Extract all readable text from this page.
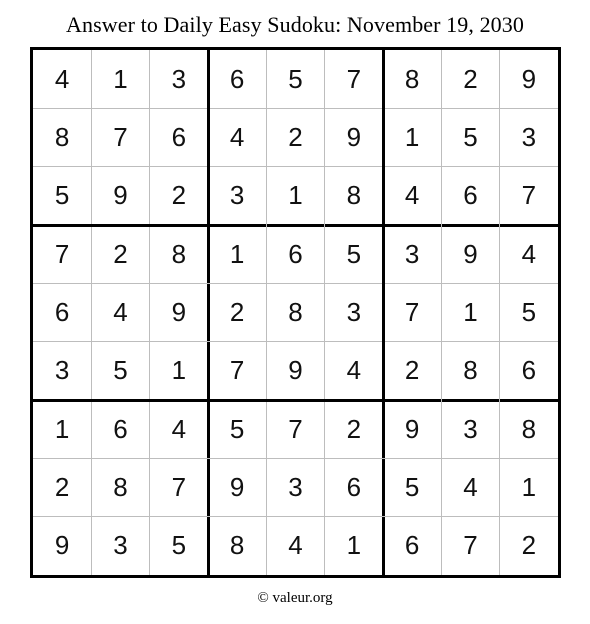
Answer to Daily Easy Sudoku: November 19, 2030
4	1	3	6	5	7	8	2	9
8	7	6	4	2	9	1	5	3
5	9	2	3	1	8	4	6	7
7	2	8	1	6	5	3	9	4
6	4	9	2	8	3	7	1	5
3	5	1	7	9	4	2	8	6
1	6	4	5	7	2	9	3	8
2	8	7	9	3	6	5	4	1
9	3	5	8	4	1	6	7	2
© valeur.org
